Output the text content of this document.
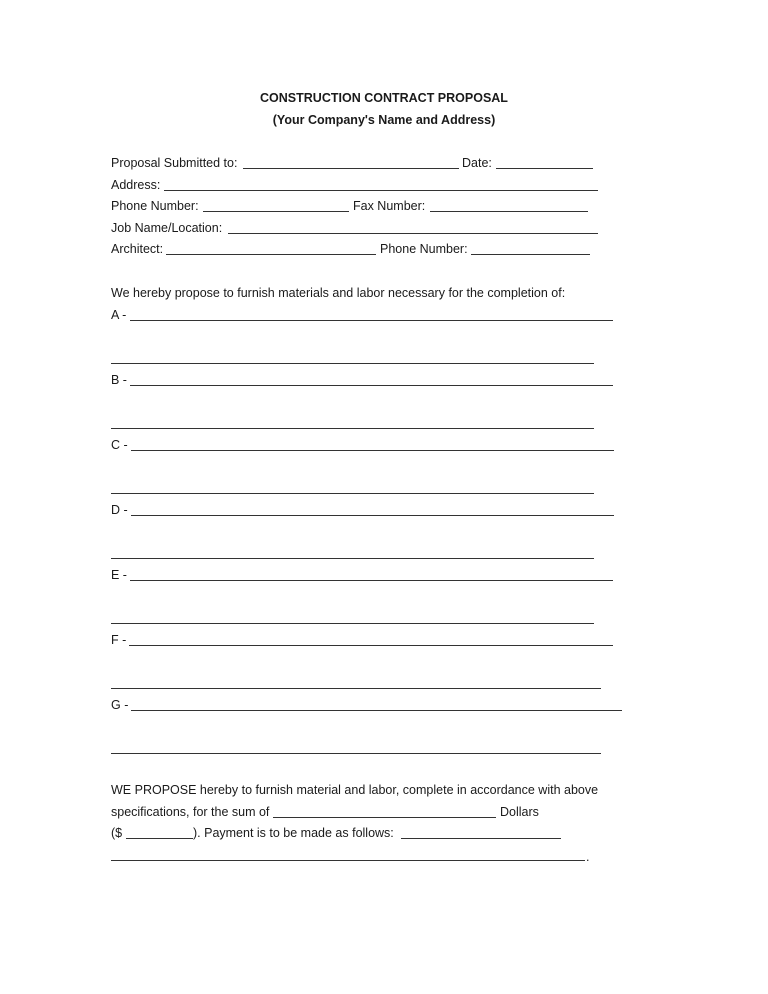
CONSTRUCTION CONTRACT PROPOSAL
(Your Company's Name and Address)
Proposal Submitted to:	Date:
Address:
Phone Number:	Fax Number:
Job Name/Location:
Architect:	Phone Number:
We hereby propose to furnish materials and labor necessary for the completion of:
A -
B -
C -
D -
E -
F -
G -
WE PROPOSE hereby to furnish material and labor, complete in accordance with above
specifications, for the sum of	Dollars
($	). Payment is to be made as follows:
.
